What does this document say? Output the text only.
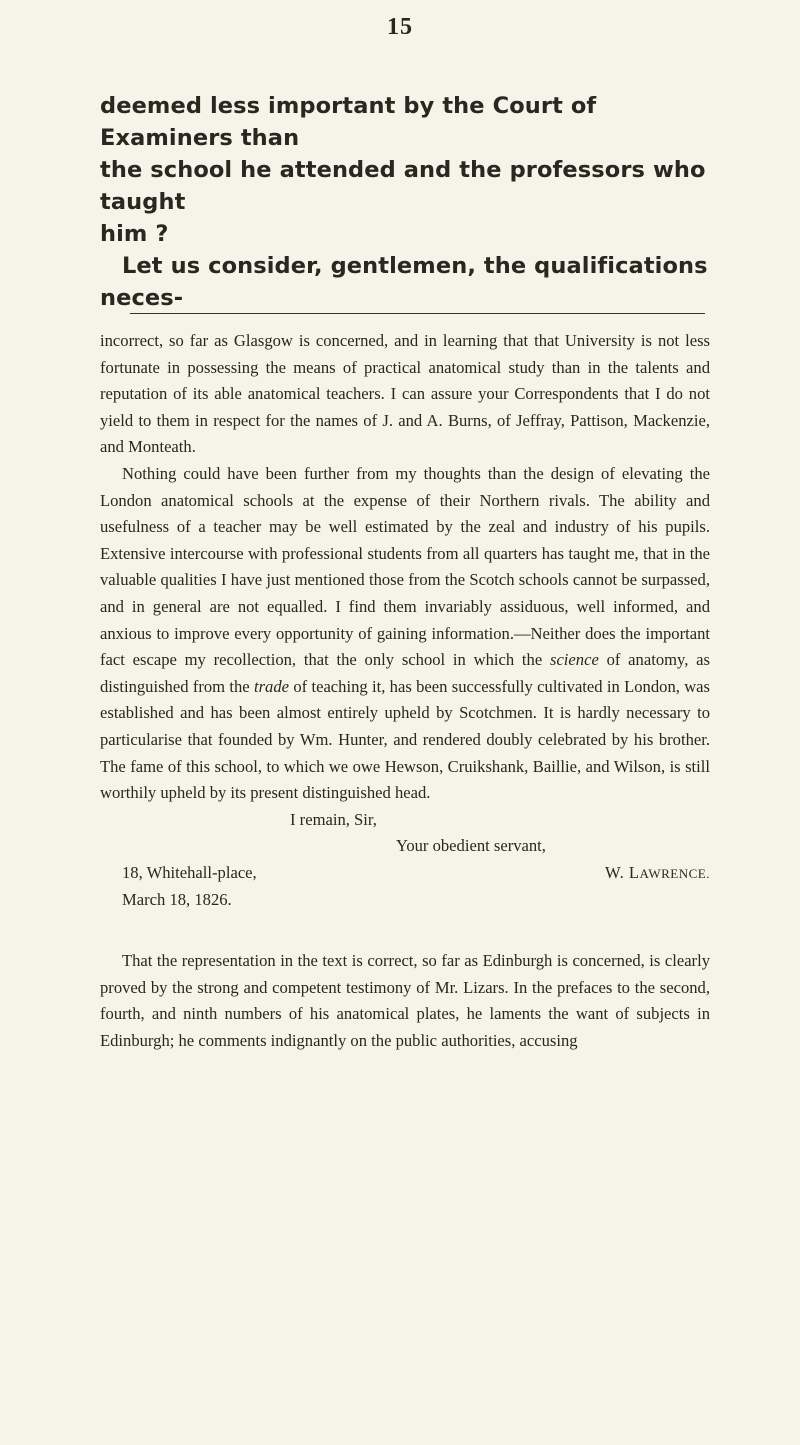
15

deemed less important by the Court of Examiners than

the school he attended and the professors who taught

him ?

Let us consider, gentlemen, the qualifications neces-

incorrect, so far as Glasgow is concerned, and in learning that that University is not less fortunate in possessing the means of practical anatomical study than in the talents and reputation of its able anatomical teachers. I can assure your Correspondents that I do not yield to them in respect for the names of J. and A. Burns, of Jeffray, Pattison, Mackenzie, and Monteath.

Nothing could have been further from my thoughts than the design of elevating the London anatomical schools at the expense of their Northern rivals. The ability and usefulness of a teacher may be well estimated by the zeal and industry of his pupils. Extensive intercourse with professional students from all quarters has taught me, that in the valuable qualities I have just mentioned those from the Scotch schools cannot be surpassed, and in general are not equalled. I find them invariably assiduous, well informed, and anxious to improve every opportunity of gaining information.—Neither does the important fact escape my recollection, that the only school in which the science of anatomy, as distinguished from the trade of teaching it, has been successfully cultivated in London, was established and has been almost entirely upheld by Scotchmen. It is hardly necessary to particularise that founded by Wm. Hunter, and rendered doubly celebrated by his brother. The fame of this school, to which we owe Hewson, Cruikshank, Baillie, and Wilson, is still worthily upheld by its present distinguished head.

I remain, Sir,

Your obedient servant,

18, Whitehall-place,	W. LAWRENCE.

March 18, 1826.

That the representation in the text is correct, so far as Edinburgh is concerned, is clearly proved by the strong and competent testimony of Mr. Lizars. In the prefaces to the second, fourth, and ninth numbers of his anatomical plates, he laments the want of subjects in Edinburgh; he comments indignantly on the public authorities, accusing
